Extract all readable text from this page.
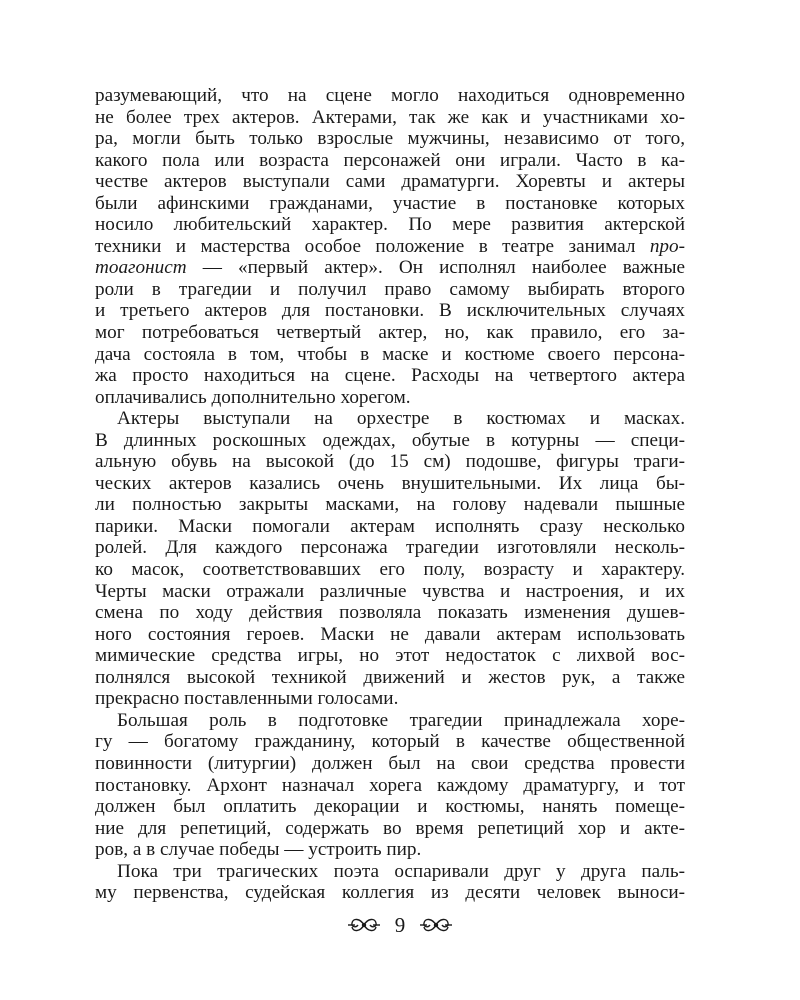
разумевающий, что на сцене могло находиться одновременно
не более трех актеров. Актерами, так же как и участниками хо-
ра, могли быть только взрослые мужчины, независимо от того,
какого пола или возраста персонажей они играли. Часто в ка-
честве актеров выступали сами драматурги. Хоревты и актеры
были афинскими гражданами, участие в постановке которых
носило любительский характер. По мере развития актерской
техники и мастерства особое положение в театре занимал про-
тоагонист — «первый актер». Он исполнял наиболее важные
роли в трагедии и получил право самому выбирать второго
и третьего актеров для постановки. В исключительных случаях
мог потребоваться четвертый актер, но, как правило, его за-
дача состояла в том, чтобы в маске и костюме своего персона-
жа просто находиться на сцене. Расходы на четвертого актера
оплачивались дополнительно хорегом.
Актеры выступали на орхестре в костюмах и масках.
В длинных роскошных одеждах, обутые в котурны — специ-
альную обувь на высокой (до 15 см) подошве, фигуры траги-
ческих актеров казались очень внушительными. Их лица бы-
ли полностью закрыты масками, на голову надевали пышные
парики. Маски помогали актерам исполнять сразу несколько
ролей. Для каждого персонажа трагедии изготовляли несколь-
ко масок, соответствовавших его полу, возрасту и характеру.
Черты маски отражали различные чувства и настроения, и их
смена по ходу действия позволяла показать изменения душев-
ного состояния героев. Маски не давали актерам использовать
мимические средства игры, но этот недостаток с лихвой вос-
полнялся высокой техникой движений и жестов рук, а также
прекрасно поставленными голосами.
Большая роль в подготовке трагедии принадлежала хоре-
гу — богатому гражданину, который в качестве общественной
повинности (литургии) должен был на свои средства провести
постановку. Архонт назначал хорега каждому драматургу, и тот
должен был оплатить декорации и костюмы, нанять помеще-
ние для репетиций, содержать во время репетиций хор и акте-
ров, а в случае победы — устроить пир.
Пока три трагических поэта оспаривали друг у друга паль-
му первенства, судейская коллегия из десяти человек выноси-
9
